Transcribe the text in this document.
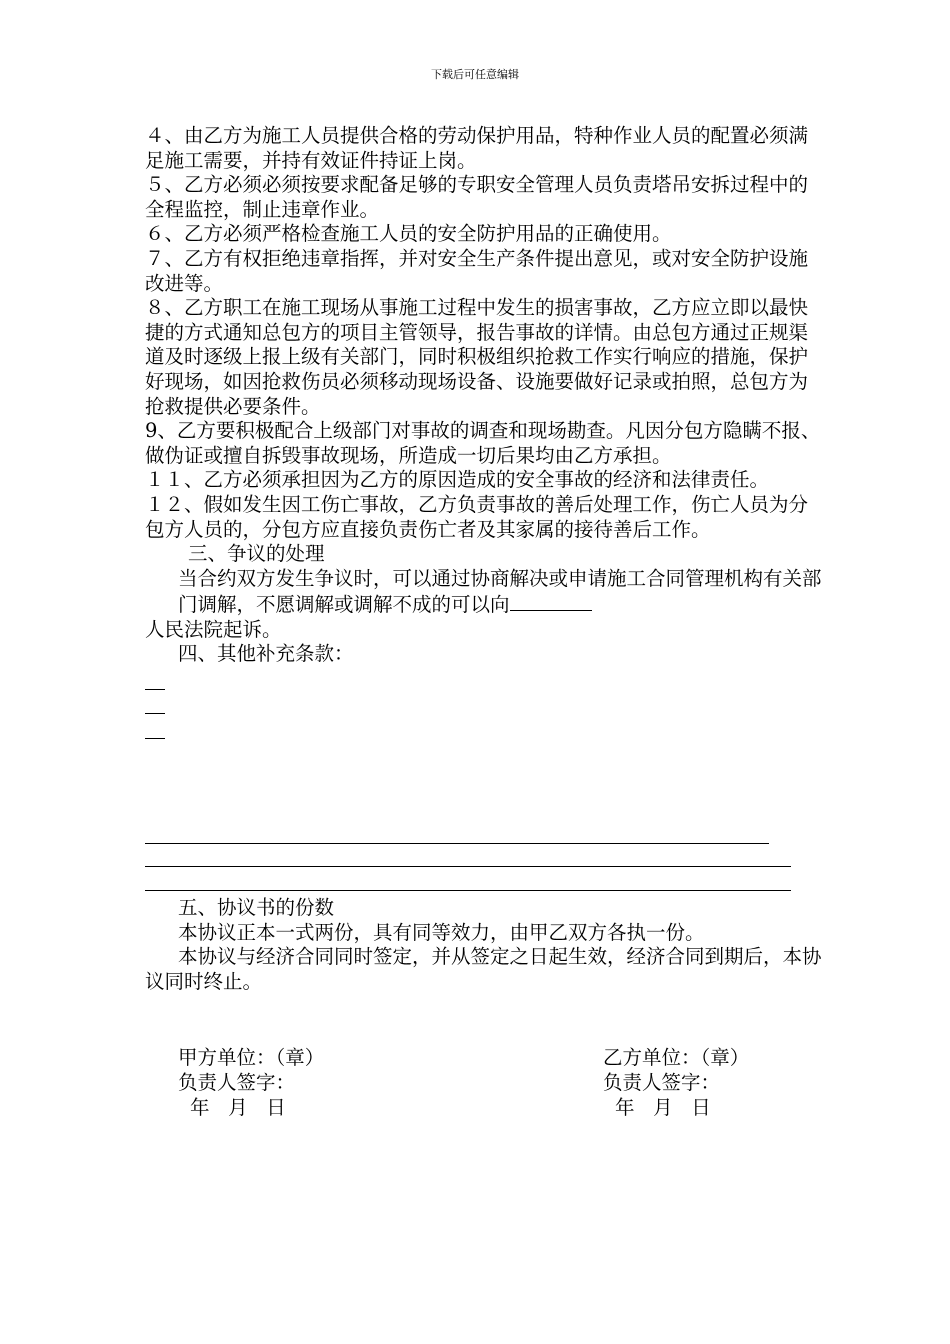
下载后可任意编辑

４、由乙方为施工人员提供合格的劳动保护用品，特种作业人员的配置必须满足施工需要，并持有效证件持证上岗。

５、乙方必须必须按要求配备足够的专职安全管理人员负责塔吊安拆过程中的全程监控，制止违章作业。

６、乙方必须严格检查施工人员的安全防护用品的正确使用。

７、乙方有权拒绝违章指挥，并对安全生产条件提出意见，或对安全防护设施改进等。

８、乙方职工在施工现场从事施工过程中发生的损害事故，乙方应立即以最快捷的方式通知总包方的项目主管领导，报告事故的详情。由总包方通过正规渠道及时逐级上报上级有关部门，同时积极组织抢救工作实行响应的措施，保护好现场，如因抢救伤员必须移动现场设备、设施要做好记录或拍照，总包方为抢救提供必要条件。

9、乙方要积极配合上级部门对事故的调查和现场勘查。凡因分包方隐瞒不报、做伪证或擅自拆毁事故现场，所造成一切后果均由乙方承担。

１１、乙方必须承担因为乙方的原因造成的安全事故的经济和法律责任。

１２、假如发生因工伤亡事故，乙方负责事故的善后处理工作，伤亡人员为分包方人员的，分包方应直接负责伤亡者及其家属的接待善后工作。

三、争议的处理

当合约双方发生争议时，可以通过协商解决或申请施工合同管理机构有关部门调解，不愿调解或调解不成的可以向

人民法院起诉。

四、其他补充条款：

五、协议书的份数

本协议正本一式两份，具有同等效力，由甲乙双方各执一份。

本协议与经济合同同时签定，并从签定之日起生效，经济合同到期后，本协议同时终止。

甲方单位：（章）
负责人签字：
年   月   日
乙方单位：（章）
负责人签字：
年   月   日
